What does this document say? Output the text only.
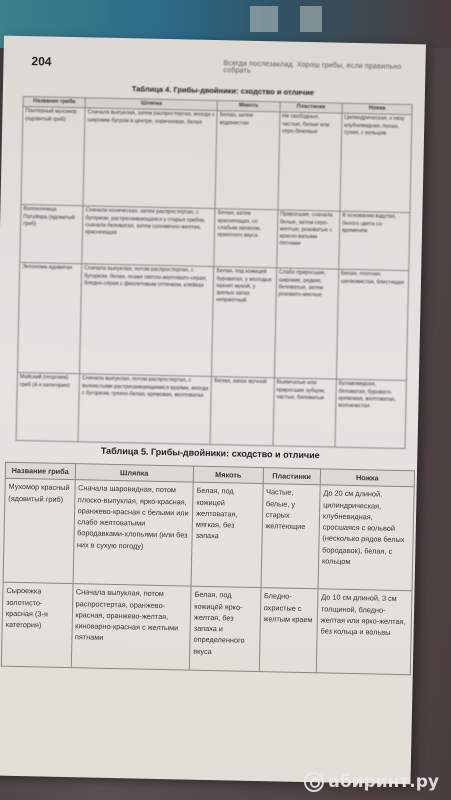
204	Всегда послезаклад. Хорош грибы, если правильно собрать
Таблица 4. Грибы-двойники: сходство и отличие
Название гриба	Шляпка	Мякоть	Пластинки	Ножка
Пантерный мухомор (ядовитый гриб)	Сначала выпуклая, затем распростертая, иногда с широким бугром в центре, коричневая, белая	Белая, затем водянистая	Не свободные, частые, белые или серо-бежевые	Цилиндрическая, к низу клубневидная, полая, сухая, с кольцом
Волоконница Патуйяра (ядовитый гриб)	Сначала коническая, затем распростертая, с бугорком, растрескивающаяся у старых грибов, сначала беловатая, затем соломенно-желтая, краснеющая	Белая, затем краснеющая, со слабым запахом, приятного вкуса	Приросшие, сначала белые, затем серо-желтые, розоватые с красно-ватыми пятнами	В основании вздутая, белого цвета со временем
Энтолома ядовитая	Сначала выпуклая, потом распростертая, с бугорком, белая, позже светло-желтовато-серая, бледно-серая с фиолетовым оттенком, клейкая	Белая, под кожицей буроватая, у молодых пахнет мукой, у зрелых запах неприятный	Слабо приросшие, широкие, редкие, беловатые, затем розовато-мясные	Белая, плотная, шелковистая, блестящая
Майский (георгиев) гриб (4-я категория)	Сначала выпуклая, потом распростертая, с волнистыми растрескивающимися краями, иногда с бугорком, грязно-белая, кремовая, желтоватая	Белая, запах мучной	Выемчатые или приросшие зубцом, частые, беловатые	Булавовидная, беловатая, буровато-кремовая, желтоватая, волокнистая
Таблица 5. Грибы-двойники: сходство и отличие
Название гриба	Шляпка	Мякоть	Пластинки	Ножка
Мухомор красный (ядовитый гриб)	Сначала шаровидная, потом плоско-выпуклая, ярко-красная, оранжево-красная с белыми или слабо желтоватыми бородавками-хлопьями (или без них в сухую погоду)	Белая, под кожицей желтоватая, мягкая, без запаха	Частые, белые, у старых желтеющие	До 20 см длиной, цилиндрическая, клубневидная, сросшаяся с вольвой (несколько рядов белых бородавок), белая, с кольцом
Сыроежка золотисто-красная (3-я категория)	Сначала выпуклая, потом распростертая, оранжево-красная, оранжево-желтая, киноварно-красная с желтыми пятнами	Белая, под кожицей ярко-желтая, без запаха и определенного вкуса	Бледно-охристые с желтым краем	До 10 см длиной, 3 см толщиной, бледно-желтая или ярко-желтая, без кольца и вольвы
абиринт.ру
